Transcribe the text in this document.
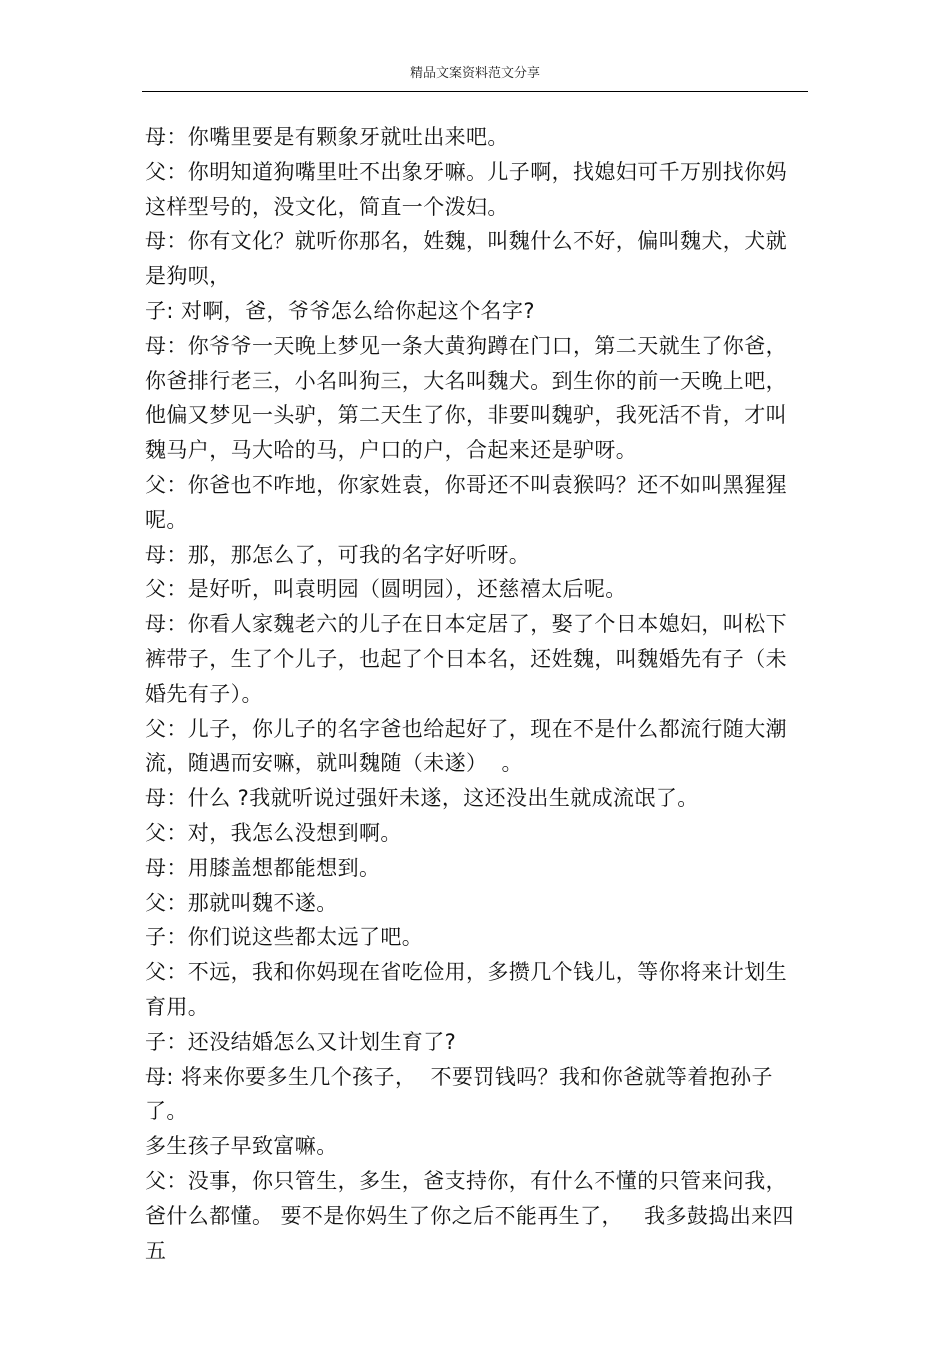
精品文案资料范文分享

母：你嘴里要是有颗象牙就吐出来吧。

父：你明知道狗嘴里吐不出象牙嘛。儿子啊，找媳妇可千万别找你妈

这样型号的，没文化，简直一个泼妇。

母：你有文化？就听你那名，姓魏，叫魏什么不好，偏叫魏犬，犬就

是狗呗，

子: 对啊，爸，爷爷怎么给你起这个名字?

母：你爷爷一天晚上梦见一条大黄狗蹲在门口，第二天就生了你爸，

你爸排行老三，小名叫狗三，大名叫魏犬。到生你的前一天晚上吧，

他偏又梦见一头驴，第二天生了你，非要叫魏驴，我死活不肯，才叫

魏马户，马大哈的马，户口的户，合起来还是驴呀。

父：你爸也不咋地，你家姓袁，你哥还不叫袁猴吗？还不如叫黑猩猩

呢。

母：那，那怎么了，可我的名字好听呀。

父：是好听，叫袁明园（圆明园），还慈禧太后呢。

母：你看人家魏老六的儿子在日本定居了，娶了个日本媳妇，叫松下

裤带子，生了个儿子，也起了个日本名，还姓魏，叫魏婚先有子（未

婚先有子）。

父：儿子，你儿子的名字爸也给起好了，现在不是什么都流行随大潮

流，随遇而安嘛，就叫魏随（未遂）  。

母：什么 ?我就听说过强奸未遂，这还没出生就成流氓了。

父：对，我怎么没想到啊。

母：用膝盖想都能想到。

父：那就叫魏不遂。

子：你们说这些都太远了吧。

父：不远，我和你妈现在省吃俭用，多攒几个钱儿，等你将来计划生

育用。

子：还没结婚怎么又计划生育了?

母: 将来你要多生几个孩子，  不要罚钱吗？我和你爸就等着抱孙子了。

多生孩子早致富嘛。

父：没事，你只管生，多生，爸支持你，有什么不懂的只管来问我，

爸什么都懂。 要不是你妈生了你之后不能再生了，   我多鼓捣出来四五
